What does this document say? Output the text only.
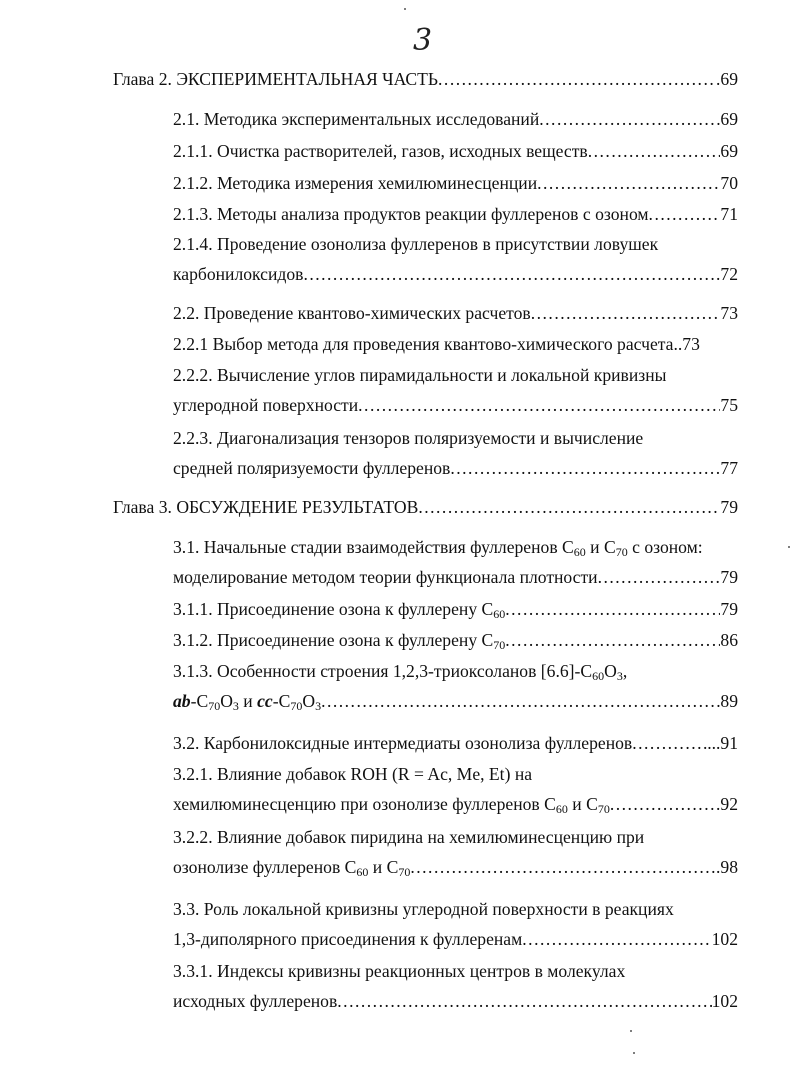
3
Глава 2. ЭКСПЕРИМЕНТАЛЬНАЯ ЧАСТЬ .....	.69
2.1. Методика экспериментальных исследований .....	69
2.1.1. Очистка растворителей, газов, исходных веществ .....	69
2.1.2. Методика измерения хемилюминесценции .....	70
2.1.3. Методы анализа продуктов реакции фуллеренов с озоном .....	71
2.1.4. Проведение озонолиза фуллеренов в присутствии ловушек
карбонилоксидов .....	.72
2.2. Проведение квантово-химических расчетов .....	73
2.2.1 Выбор метода для проведения квантово-химического расчета ..73
2.2.2. Вычисление углов пирамидальности и локальной кривизны
углеродной поверхности .....	75
2.2.3. Диагонализация тензоров поляризуемости и вычисление
средней поляризуемости фуллеренов .....	77
Глава 3. ОБСУЖДЕНИЕ РЕЗУЛЬТАТОВ .....	79
3.1. Начальные стадии взаимодействия фуллеренов $C_{60}$ и $C_{70}$ с озоном:
моделирование методом теории функционала плотности .....	79
3.1.1. Присоединение озона к фуллерену $C_{60}$ .....	79
3.1.2. Присоединение озона к фуллерену $C_{70}$ .....	86
3.1.3. Особенности строения 1,2,3-триоксоланов $[6.6]-C_{60}O_3$,
$ab-C_{70}O_3$ и $cc-C_{70}O_3$ .....	89
3.2. Карбонилоксидные интермедиаты озонолиза фуллеренов .....	...91
3.2.1. Влияние добавок ROH (R = Ac, Me, Et) на
хемилюминесценцию при озонолизе фуллеренов $C_{60}$ и $C_{70}$ .....	92
3.2.2. Влияние добавок пиридина на хемилюминесценцию при
озонолизе фуллеренов $C_{60}$ и $C_{70}$ .....	.98
3.3. Роль локальной кривизны углеродной поверхности в реакциях
1,3-диполярного присоединения к фуллеренам .....	102
3.3.1. Индексы кривизны реакционных центров в молекулах
исходных фуллеренов .....	102
